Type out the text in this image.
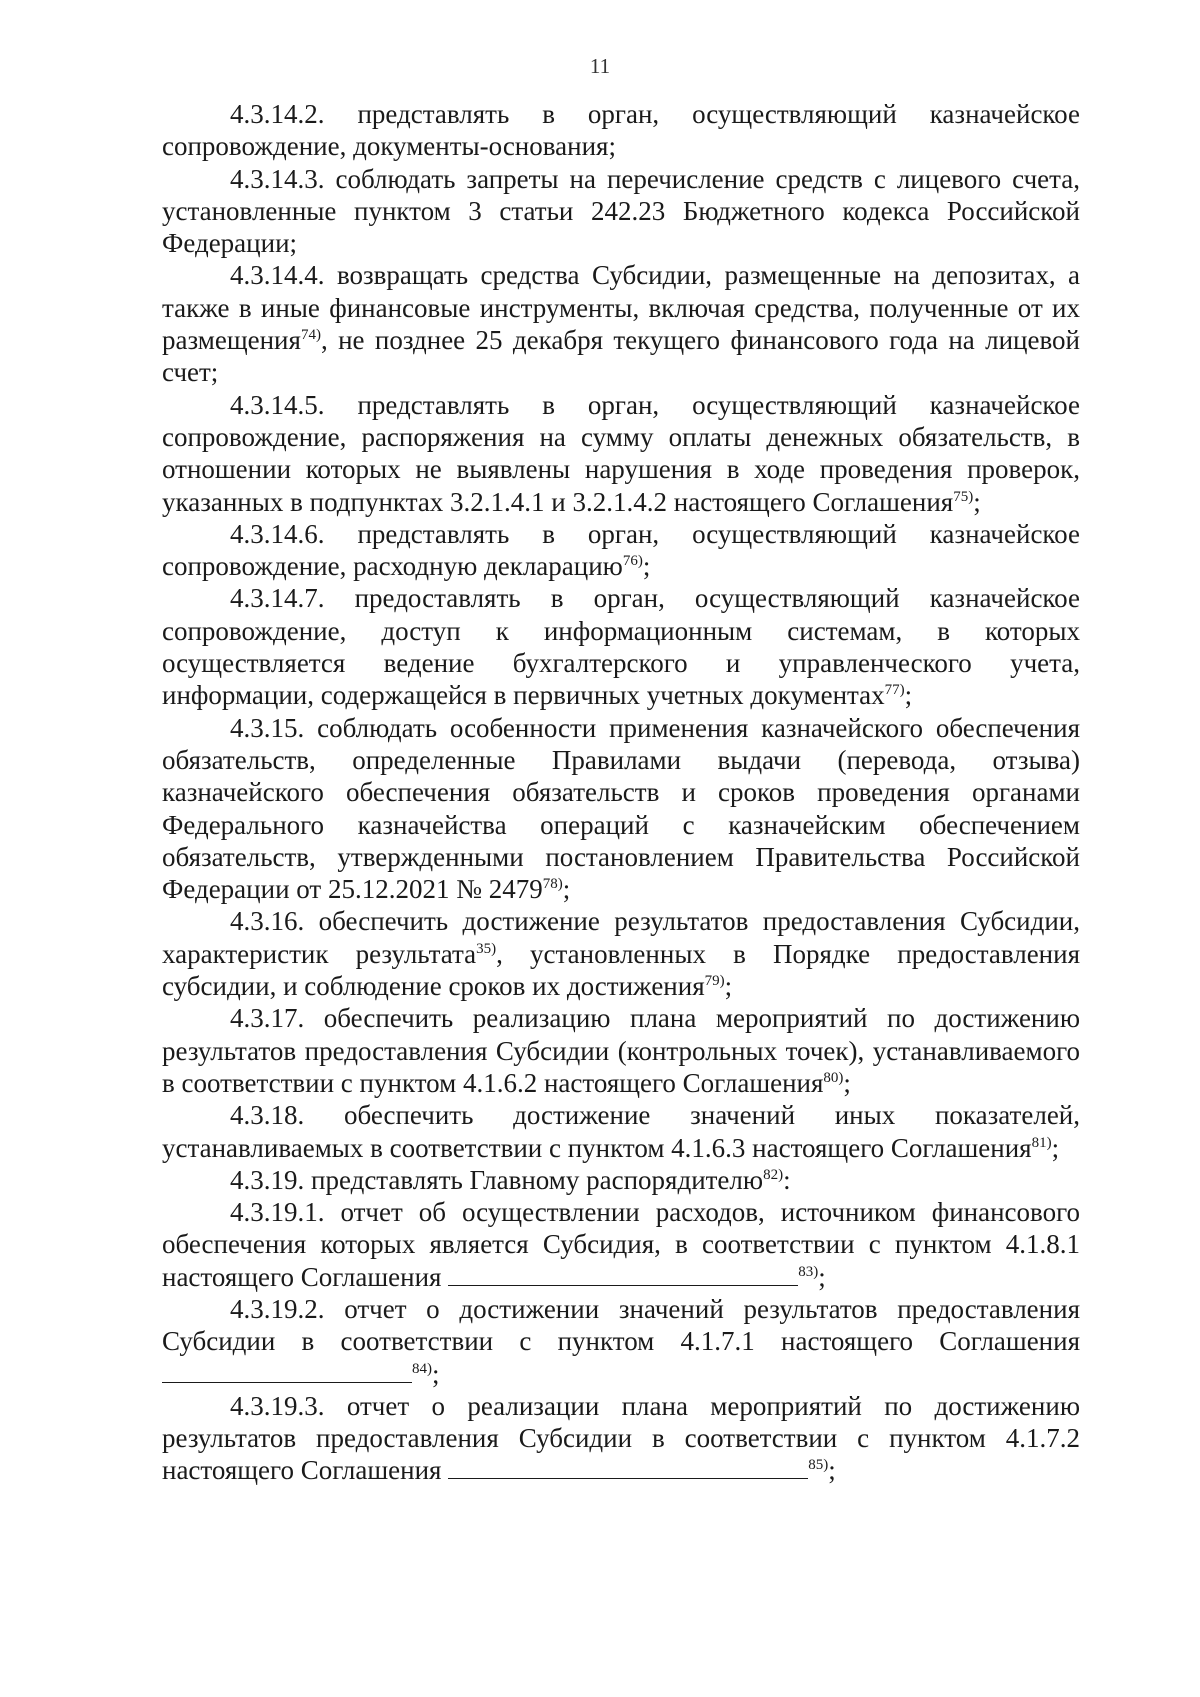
11

4.3.14.2. представлять в орган, осуществляющий казначейское сопровождение, документы-основания;

4.3.14.3. соблюдать запреты на перечисление средств с лицевого счета, установленные пунктом 3 статьи 242.23 Бюджетного кодекса Российской Федерации;

4.3.14.4. возвращать средства Субсидии, размещенные на депозитах, а также в иные финансовые инструменты, включая средства, полученные от их размещения$^{74)}$, не позднее 25 декабря текущего финансового года на лицевой счет;

4.3.14.5. представлять в орган, осуществляющий казначейское сопровождение, распоряжения на сумму оплаты денежных обязательств, в отношении которых не выявлены нарушения в ходе проведения проверок, указанных в подпунктах 3.2.1.4.1 и 3.2.1.4.2 настоящего Соглашения$^{75)}$;

4.3.14.6. представлять в орган, осуществляющий казначейское сопровождение, расходную декларацию$^{76)}$;

4.3.14.7. предоставлять в орган, осуществляющий казначейское сопровождение, доступ к информационным системам, в которых осуществляется ведение бухгалтерского и управленческого учета, информации, содержащейся в первичных учетных документах$^{77)}$;

4.3.15. соблюдать особенности применения казначейского обеспечения обязательств, определенные Правилами выдачи (перевода, отзыва) казначейского обеспечения обязательств и сроков проведения органами Федерального казначейства операций с казначейским обеспечением обязательств, утвержденными постановлением Правительства Российской Федерации от 25.12.2021 № 2479$^{78)}$;

4.3.16. обеспечить достижение результатов предоставления Субсидии, характеристик результата$^{35)}$, установленных в Порядке предоставления субсидии, и соблюдение сроков их достижения$^{79)}$;

4.3.17. обеспечить реализацию плана мероприятий по достижению результатов предоставления Субсидии (контрольных точек), устанавливаемого в соответствии с пунктом 4.1.6.2 настоящего Соглашения$^{80)}$;

4.3.18. обеспечить достижение значений иных показателей, устанавливаемых в соответствии с пунктом 4.1.6.3 настоящего Соглашения$^{81)}$;

4.3.19. представлять Главному распорядителю$^{82)}$:

4.3.19.1. отчет об осуществлении расходов, источником финансового обеспечения которых является Субсидия, в соответствии с пунктом 4.1.8.1 настоящего Соглашения	$^{83)}$;

4.3.19.2. отчет о достижении значений результатов предоставления Субсидии в соответствии с пунктом 4.1.7.1 настоящего Соглашения $^{84)}$;

4.3.19.3. отчет о реализации плана мероприятий по достижению результатов предоставления Субсидии в соответствии с пунктом 4.1.7.2 настоящего Соглашения	$^{85)}$;
